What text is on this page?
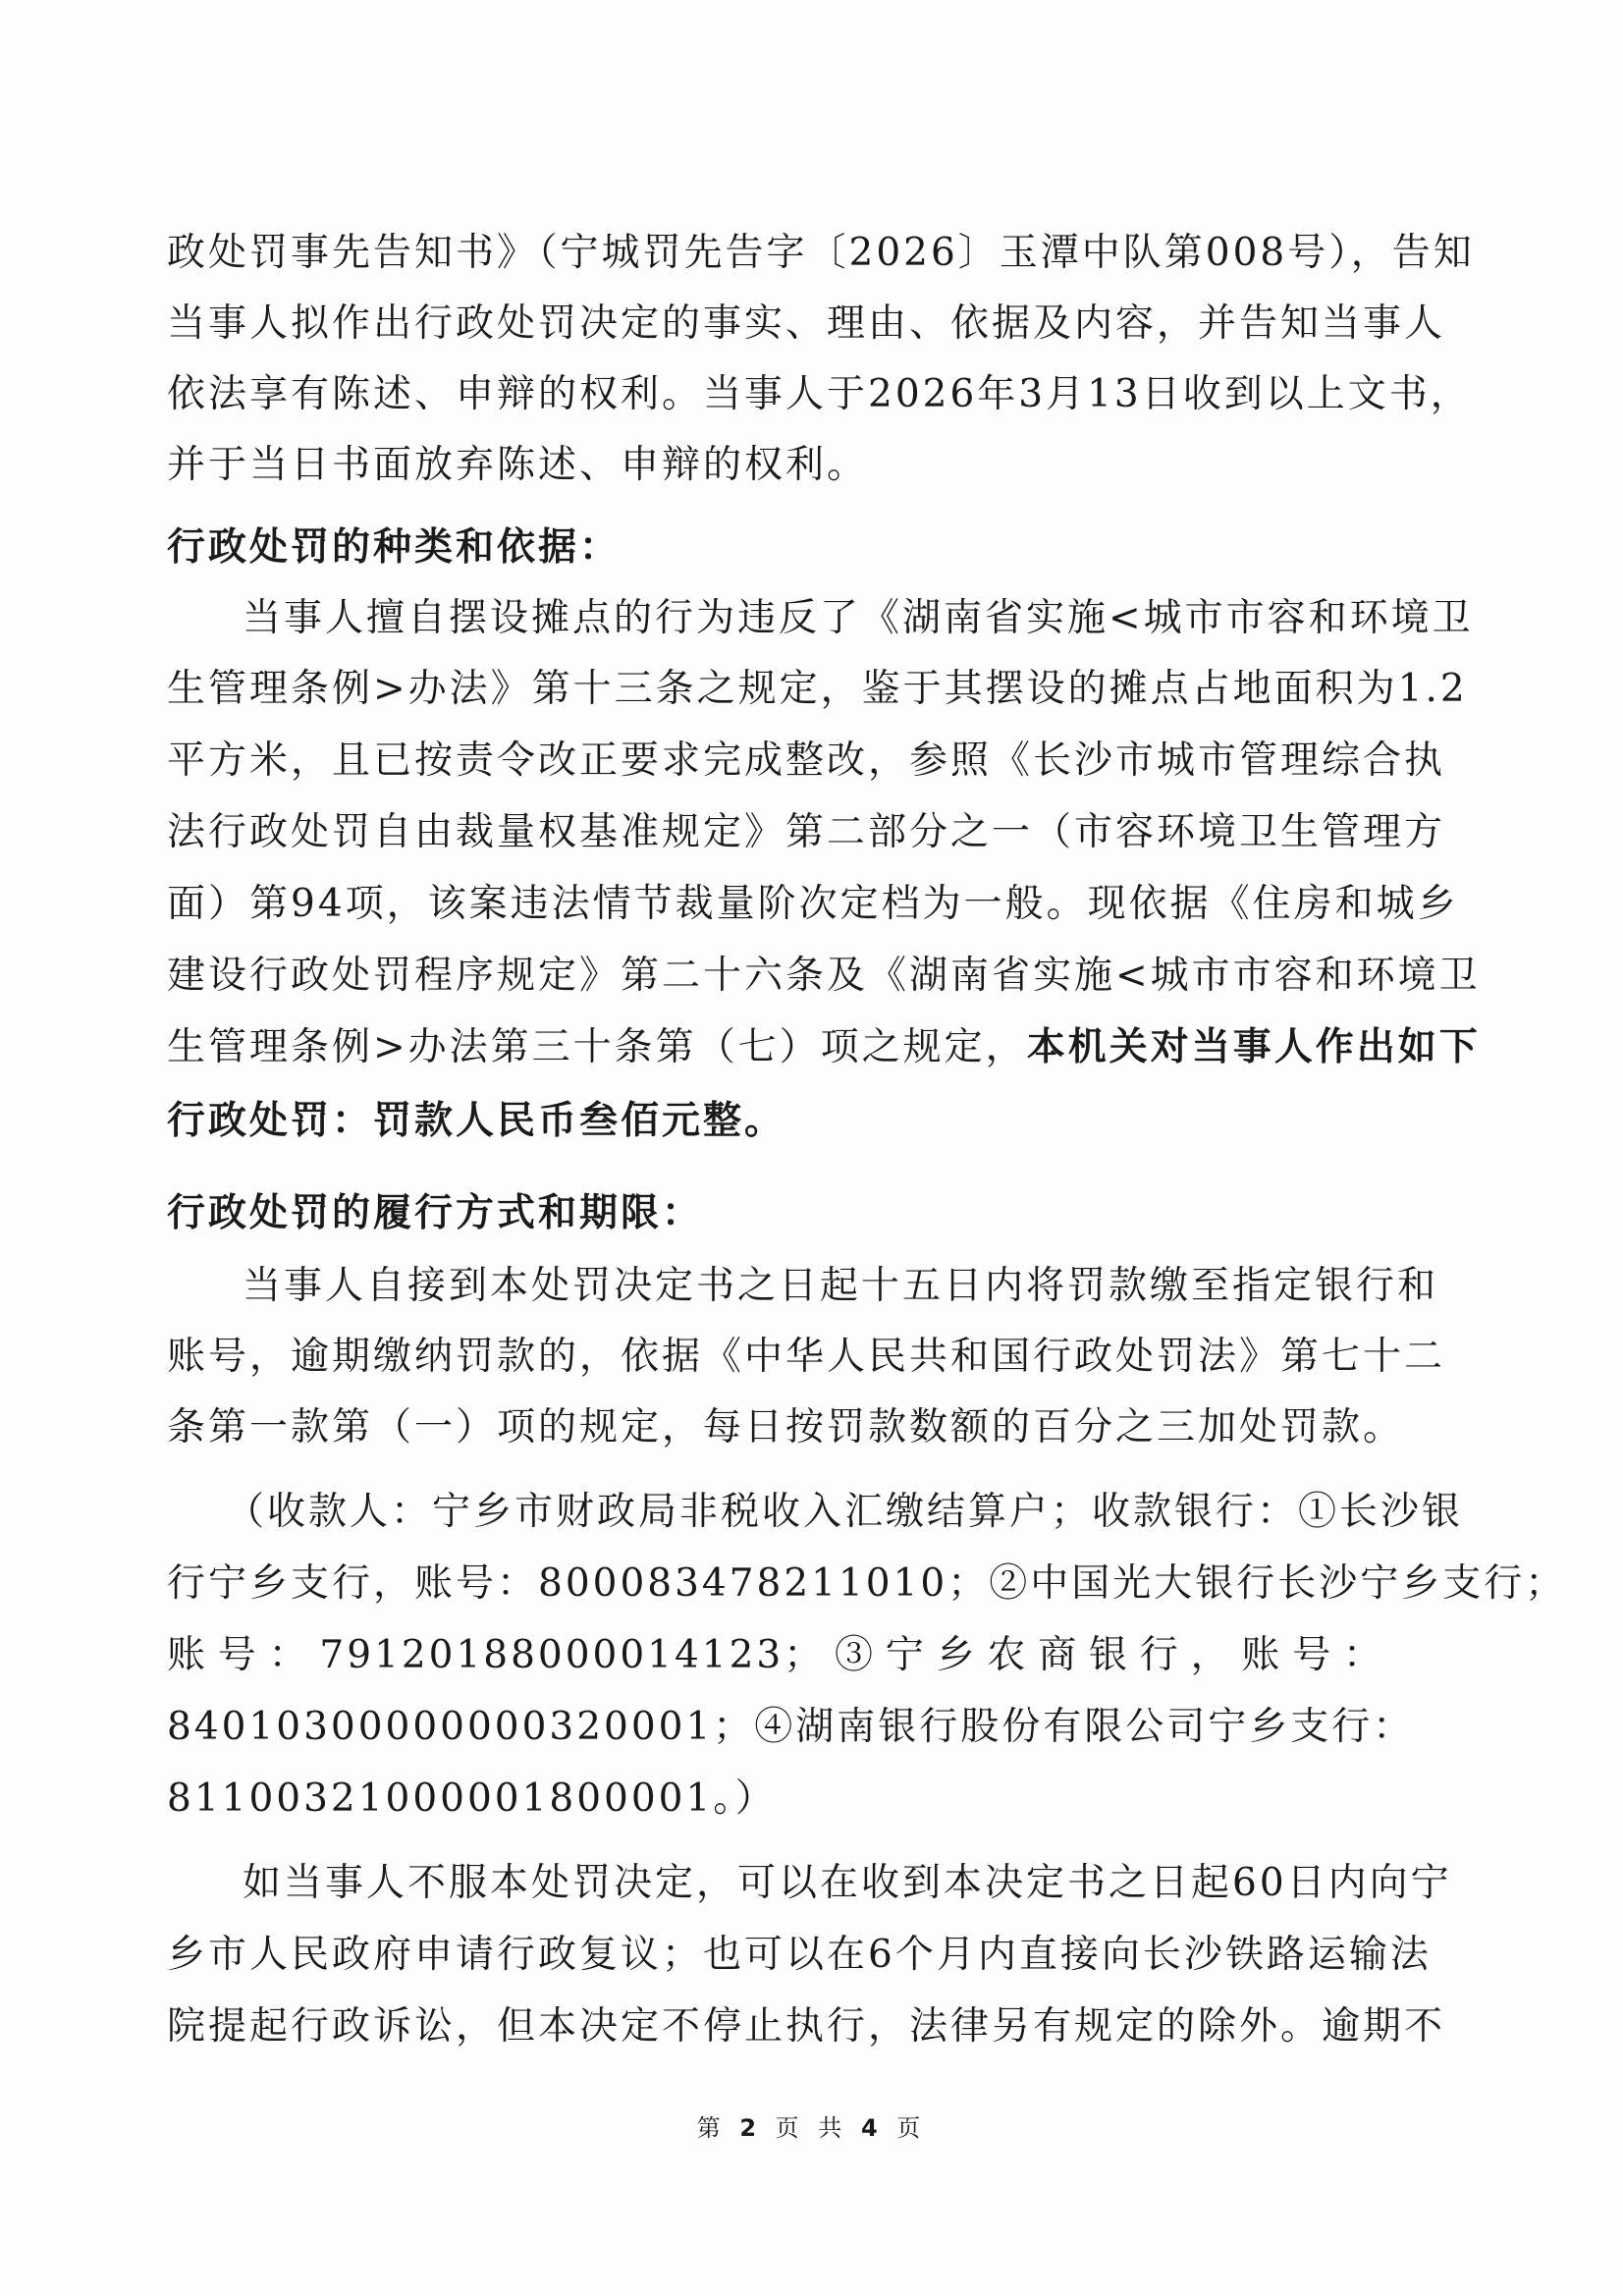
政处罚事先告知书》（宁城罚先告字〔2026〕玉潭中队第008号），告知
当事人拟作出行政处罚决定的事实、理由、依据及内容，并告知当事人
依法享有陈述、申辩的权利。当事人于2026年3月13日收到以上文书，
并于当日书面放弃陈述、申辩的权利。
行政处罚的种类和依据：
当事人擅自摆设摊点的行为违反了《湖南省实施<城市市容和环境卫
生管理条例>办法》第十三条之规定，鉴于其摆设的摊点占地面积为1.2
平方米，且已按责令改正要求完成整改，参照《长沙市城市管理综合执
法行政处罚自由裁量权基准规定》第二部分之一（市容环境卫生管理方
面）第94项，该案违法情节裁量阶次定档为一般。现依据《住房和城乡
建设行政处罚程序规定》第二十六条及《湖南省实施<城市市容和环境卫
生管理条例>办法第三十条第（七）项之规定，本机关对当事人作出如下
行政处罚：罚款人民币叁佰元整。
行政处罚的履行方式和期限：
当事人自接到本处罚决定书之日起十五日内将罚款缴至指定银行和
账号，逾期缴纳罚款的，依据《中华人民共和国行政处罚法》第七十二
条第一款第（一）项的规定，每日按罚款数额的百分之三加处罚款。
（收款人：宁乡市财政局非税收入汇缴结算户；收款银行：①长沙银
行宁乡支行，账号：800083478211010；②中国光大银行长沙宁乡支行；
账号：79120188000014123；③宁乡农商银行，账号：
84010300000000320001；④湖南银行股份有限公司宁乡支行：
81100321000001800001。）
如当事人不服本处罚决定，可以在收到本决定书之日起60日内向宁
乡市人民政府申请行政复议；也可以在6个月内直接向长沙铁路运输法
院提起行政诉讼，但本决定不停止执行，法律另有规定的除外。逾期不
第 2 页 共 4 页
